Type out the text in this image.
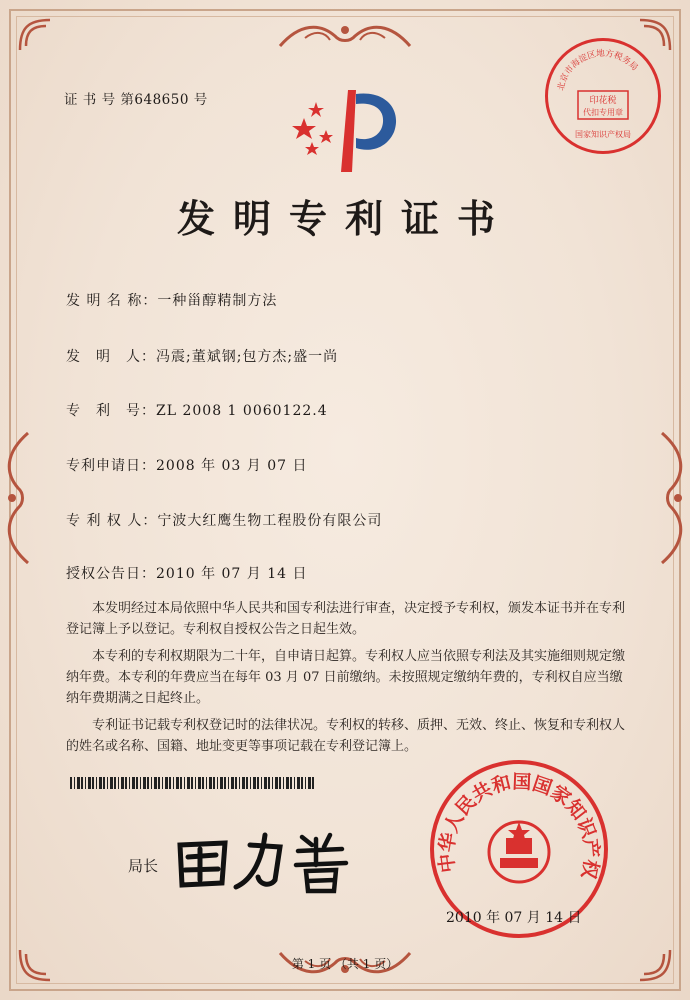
证 书 号 第648650 号
北京市海淀区地方税务局
印花税
代扣专用章
国家知识产权局
发明专利证书
发 明 名 称：一种甾醇精制方法
发　明　人：冯震;董斌钢;包方杰;盛一尚
专　利　号：ZL 2008 1 0060122.4
专利申请日：2008 年 03 月 07 日
专 利 权 人：宁波大红鹰生物工程股份有限公司
授权公告日：2010 年 07 月 14 日

本发明经过本局依照中华人民共和国专利法进行审查，决定授予专利权，颁发本证书并在专利登记簿上予以登记。专利权自授权公告之日起生效。

本专利的专利权期限为二十年，自申请日起算。专利权人应当依照专利法及其实施细则规定缴纳年费。本专利的年费应当在每年 03 月 07 日前缴纳。未按照规定缴纳年费的，专利权自应当缴纳年费期满之日起终止。

专利证书记载专利权登记时的法律状况。专利权的转移、质押、无效、终止、恢复和专利权人的姓名或名称、国籍、地址变更等事项记载在专利登记簿上。

局长	中华人民共和国国家知识产权
2010 年 07 月 14 日
第 1 页 （共 1 页）
